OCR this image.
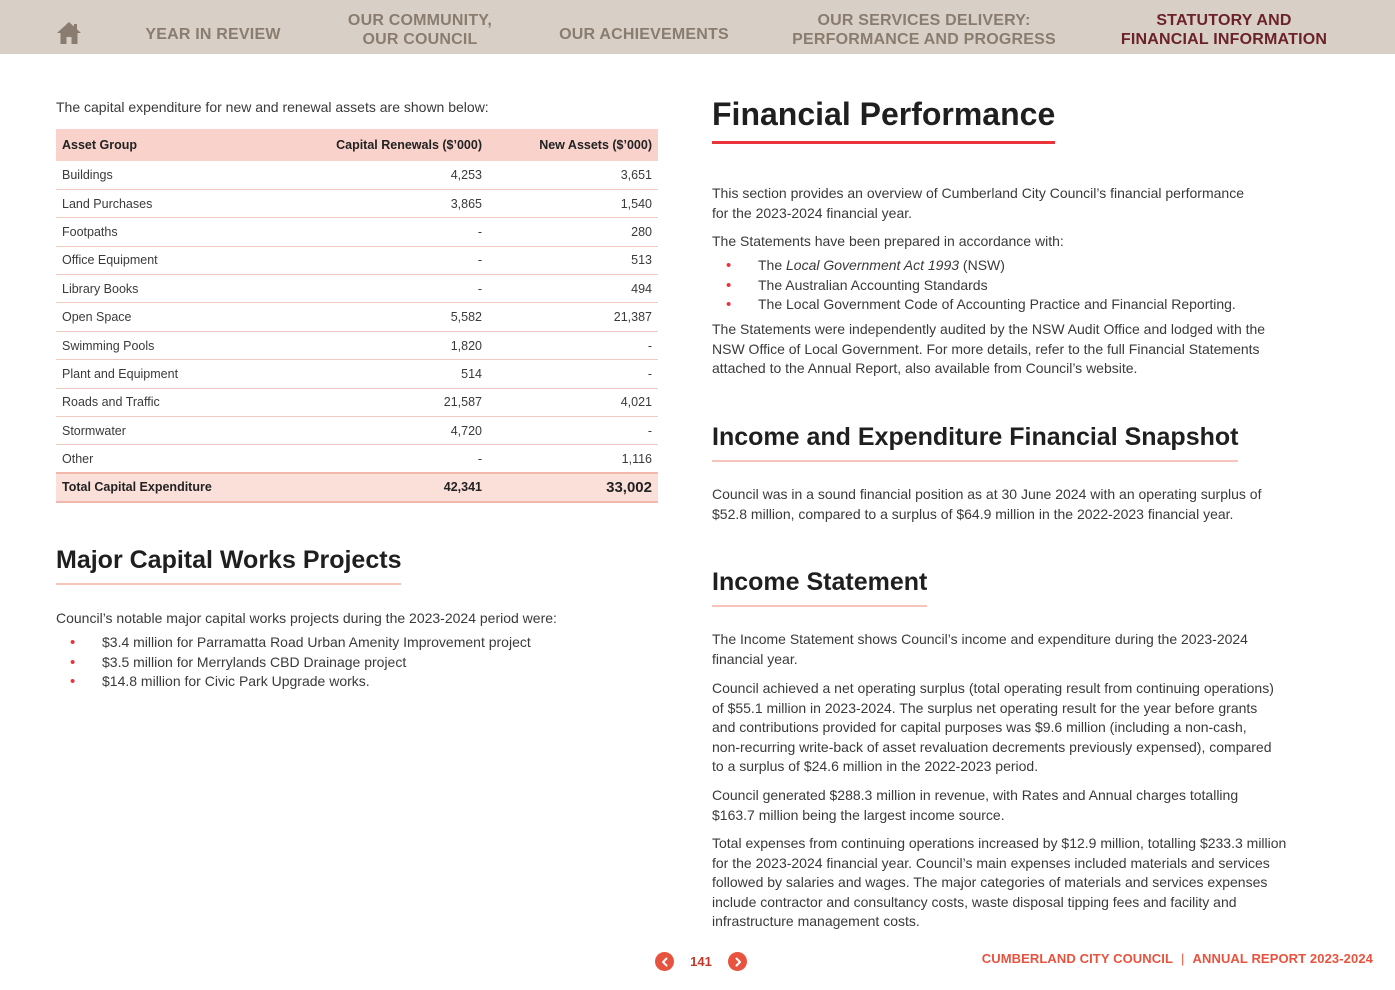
YEAR IN REVIEW
OUR COMMUNITY,
OUR COUNCIL	OUR ACHIEVEMENTS
OUR SERVICES DELIVERY:
PERFORMANCE AND PROGRESS
STATUTORY AND
FINANCIAL INFORMATION

The capital expenditure for new and renewal assets are shown below:

Asset Group	Capital Renewals ($’000)	New Assets ($’000)
Buildings	4,253	3,651
Land Purchases	3,865	1,540
Footpaths	-	280
Office Equipment	-	513
Library Books	-	494
Open Space	5,582	21,387
Swimming Pools	1,820	-
Plant and Equipment	514	-
Roads and Traffic	21,587	4,021
Stormwater	4,720	-
Other	-	1,116
Total Capital Expenditure	42,341	33,002
Major Capital Works Projects

Council’s notable major capital works projects during the 2023-2024 period were:

• $3.4 million for Parramatta Road Urban Amenity Improvement project
• $3.5 million for Merrylands CBD Drainage project
• $14.8 million for Civic Park Upgrade works.
Financial Performance

This section provides an overview of Cumberland City Council’s financial performance
for the 2023-2024 financial year.

The Statements have been prepared in accordance with:

• The Local Government Act 1993 (NSW)
• The Australian Accounting Standards
• The Local Government Code of Accounting Practice and Financial Reporting.

The Statements were independently audited by the NSW Audit Office and lodged with the
NSW Office of Local Government. For more details, refer to the full Financial Statements
attached to the Annual Report, also available from Council’s website.

Income and Expenditure Financial Snapshot

Council was in a sound financial position as at 30 June 2024 with an operating surplus of
$52.8 million, compared to a surplus of $64.9 million in the 2022-2023 financial year.

Income Statement

The Income Statement shows Council’s income and expenditure during the 2023-2024
financial year.

Council achieved a net operating surplus (total operating result from continuing operations)
of $55.1 million in 2023-2024. The surplus net operating result for the year before grants
and contributions provided for capital purposes was $9.6 million (including a non-cash,
non-recurring write-back of asset revaluation decrements previously expensed), compared
to a surplus of $24.6 million in the 2022-2023 period.

Council generated $288.3 million in revenue, with Rates and Annual charges totalling
$163.7 million being the largest income source.

Total expenses from continuing operations increased by $12.9 million, totalling $233.3 million
for the 2023-2024 financial year. Council’s main expenses included materials and services
followed by salaries and wages. The major categories of materials and services expenses
include contractor and consultancy costs, waste disposal tipping fees and facility and
infrastructure management costs.

141	CUMBERLAND CITY COUNCIL | ANNUAL REPORT 2023-2024
